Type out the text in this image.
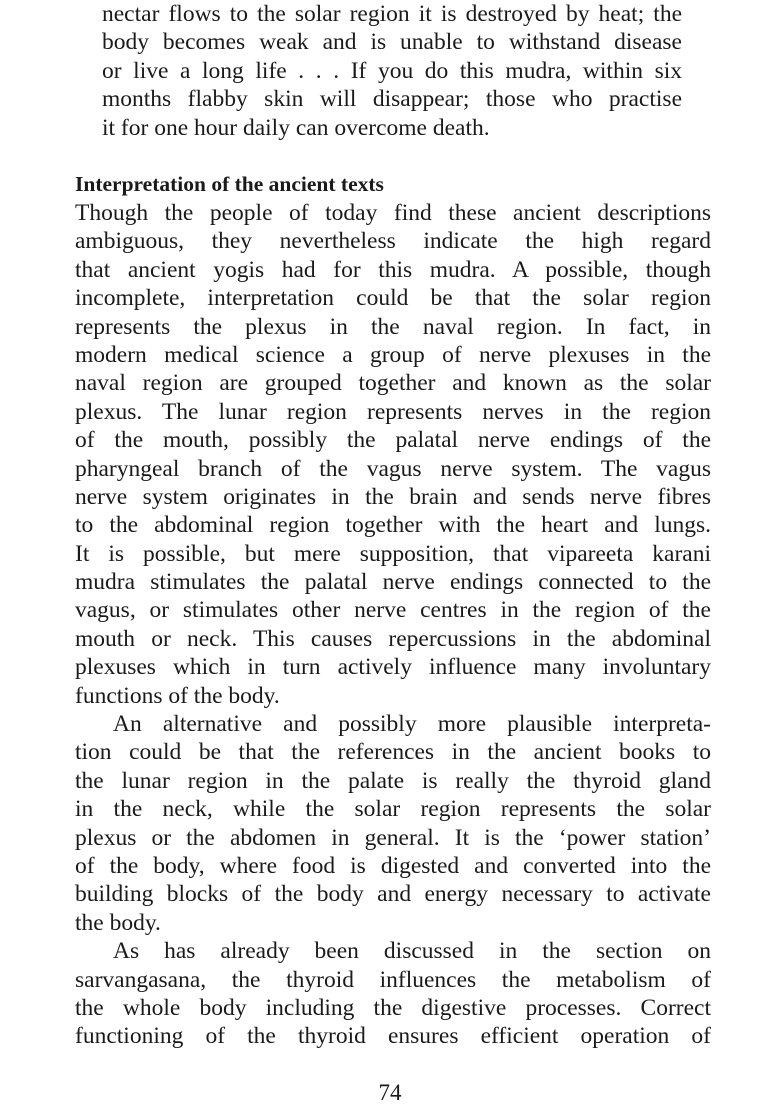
nectar flows to the solar region it is destroyed by heat; the
body becomes weak and is unable to withstand disease
or live a long life . . . If you do this mudra, within six
months flabby skin will disappear; those who practise
it for one hour daily can overcome death.
Interpretation of the ancient texts
Though the people of today find these ancient descriptions
ambiguous, they nevertheless indicate the high regard
that ancient yogis had for this mudra. A possible, though
incomplete, interpretation could be that the solar region
represents the plexus in the naval region. In fact, in
modern medical science a group of nerve plexuses in the
naval region are grouped together and known as the solar
plexus. The lunar region represents nerves in the region
of the mouth, possibly the palatal nerve endings of the
pharyngeal branch of the vagus nerve system. The vagus
nerve system originates in the brain and sends nerve fibres
to the abdominal region together with the heart and lungs.
It is possible, but mere supposition, that vipareeta karani
mudra stimulates the palatal nerve endings connected to the
vagus, or stimulates other nerve centres in the region of the
mouth or neck. This causes repercussions in the abdominal
plexuses which in turn actively influence many involuntary
functions of the body.
An alternative and possibly more plausible interpreta-
tion could be that the references in the ancient books to
the lunar region in the palate is really the thyroid gland
in the neck, while the solar region represents the solar
plexus or the abdomen in general. It is the ‘power station’
of the body, where food is digested and converted into the
building blocks of the body and energy necessary to activate
the body.
As has already been discussed in the section on
sarvangasana, the thyroid influences the metabolism of
the whole body including the digestive processes. Correct
functioning of the thyroid ensures efficient operation of
74
